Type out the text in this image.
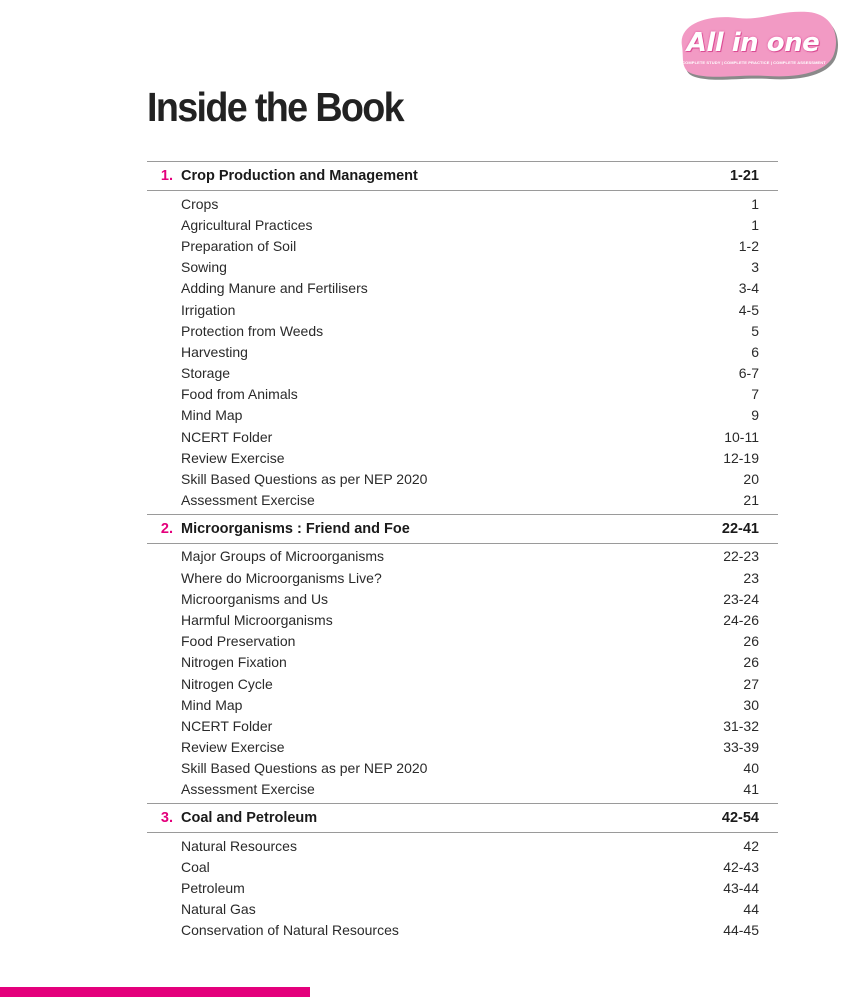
All in one
COMPLETE STUDY | COMPLETE PRACTICE | COMPLETE ASSESSMENT
Inside the Book
1. Crop Production and Management	1-21
Crops	1
Agricultural Practices	1
Preparation of Soil	1-2
Sowing	3
Adding Manure and Fertilisers	3-4
Irrigation	4-5
Protection from Weeds	5
Harvesting	6
Storage	6-7
Food from Animals	7
Mind Map	9
NCERT Folder	10-11
Review Exercise	12-19
Skill Based Questions as per NEP 2020	20
Assessment Exercise	21
2. Microorganisms : Friend and Foe	22-41
Major Groups of Microorganisms	22-23
Where do Microorganisms Live?	23
Microorganisms and Us	23-24
Harmful Microorganisms	24-26
Food Preservation	26
Nitrogen Fixation	26
Nitrogen Cycle	27
Mind Map	30
NCERT Folder	31-32
Review Exercise	33-39
Skill Based Questions as per NEP 2020	40
Assessment Exercise	41
3. Coal and Petroleum	42-54
Natural Resources	42
Coal	42-43
Petroleum	43-44
Natural Gas	44
Conservation of Natural Resources	44-45
